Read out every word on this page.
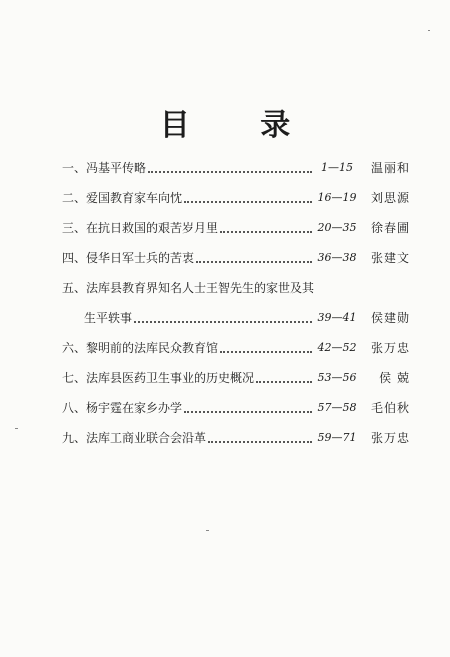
目 录
一、 冯基平传略	1—15	温丽和
二、 爱国教育家车向忱	16—19	刘思源
三、 在抗日救国的艰苦岁月里	20—35	徐春圃
四、 侵华日军士兵的苦衷	36—38	张建文
五、 法库县教育界知名人士王智先生的家世及其
生平轶事	39—41	侯建勋
六、 黎明前的法库民众教育馆	42—52	张万忠
七、 法库县医药卫生事业的历史概况	53—56	侯 兢
八、 杨宇霆在家乡办学	57—58	毛伯秋
九、 法库工商业联合会沿革	59—71	张万忠
